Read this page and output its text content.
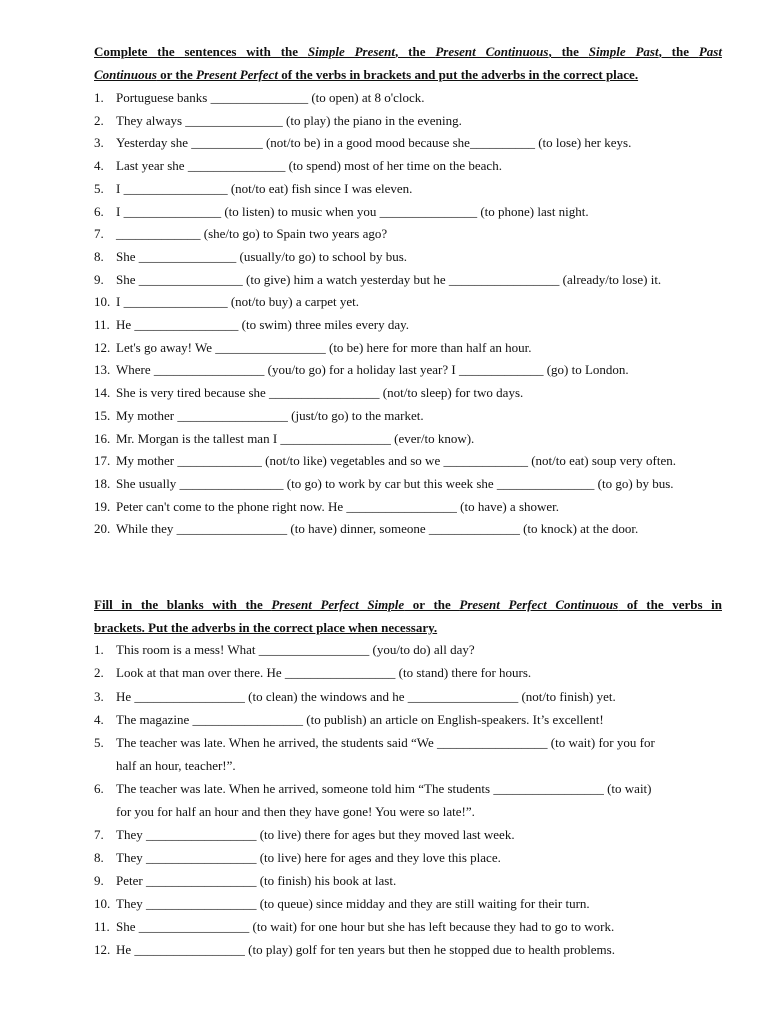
Complete the sentences with the Simple Present, the Present Continuous, the Simple Past, the Past
Continuous or the Present Perfect of the verbs in brackets and put the adverbs in the correct place.
1. Portuguese banks _______________ (to open) at 8 o'clock.
2. They always _______________ (to play) the piano in the evening.
3. Yesterday she ___________ (not/to be) in a good mood because she__________ (to lose) her keys.
4. Last year she _______________ (to spend) most of her time on the beach.
5. I ________________ (not/to eat) fish since I was eleven.
6. I _______________ (to listen) to music when you _______________ (to phone) last night.
7. _____________ (she/to go) to Spain two years ago?
8. She _______________ (usually/to go) to school by bus.
9. She ________________ (to give) him a watch yesterday but he _________________ (already/to lose) it.
10. I ________________ (not/to buy) a carpet yet.
11. He ________________ (to swim) three miles every day.
12. Let's go away! We _________________ (to be) here for more than half an hour.
13. Where _________________ (you/to go) for a holiday last year? I _____________ (go) to London.
14. She is very tired because she _________________ (not/to sleep) for two days.
15. My mother _________________ (just/to go) to the market.
16. Mr. Morgan is the tallest man I _________________ (ever/to know).
17. My mother _____________ (not/to like) vegetables and so we _____________ (not/to eat) soup very often.
18. She usually ________________ (to go) to work by car but this week she _______________ (to go) by bus.
19. Peter can't come to the phone right now. He _________________ (to have) a shower.
20. While they _________________ (to have) dinner, someone ______________ (to knock) at the door.
Fill in the blanks with the Present Perfect Simple or the Present Perfect Continuous of the verbs in
brackets. Put the adverbs in the correct place when necessary.
1. This room is a mess! What _________________ (you/to do) all day?
2. Look at that man over there. He _________________ (to stand) there for hours.
3. He _________________ (to clean) the windows and he _________________ (not/to finish) yet.
4. The magazine _________________ (to publish) an article on English-speakers. It’s excellent!
5. The teacher was late. When he arrived, the students said “We _________________ (to wait) for you for
half an hour, teacher!”.
6. The teacher was late. When he arrived, someone told him “The students _________________ (to wait)
for you for half an hour and then they have gone! You were so late!”.
7. They _________________ (to live) there for ages but they moved last week.
8. They _________________ (to live) here for ages and they love this place.
9. Peter _________________ (to finish) his book at last.
10. They _________________ (to queue) since midday and they are still waiting for their turn.
11. She _________________ (to wait) for one hour but she has left because they had to go to work.
12. He _________________ (to play) golf for ten years but then he stopped due to health problems.
